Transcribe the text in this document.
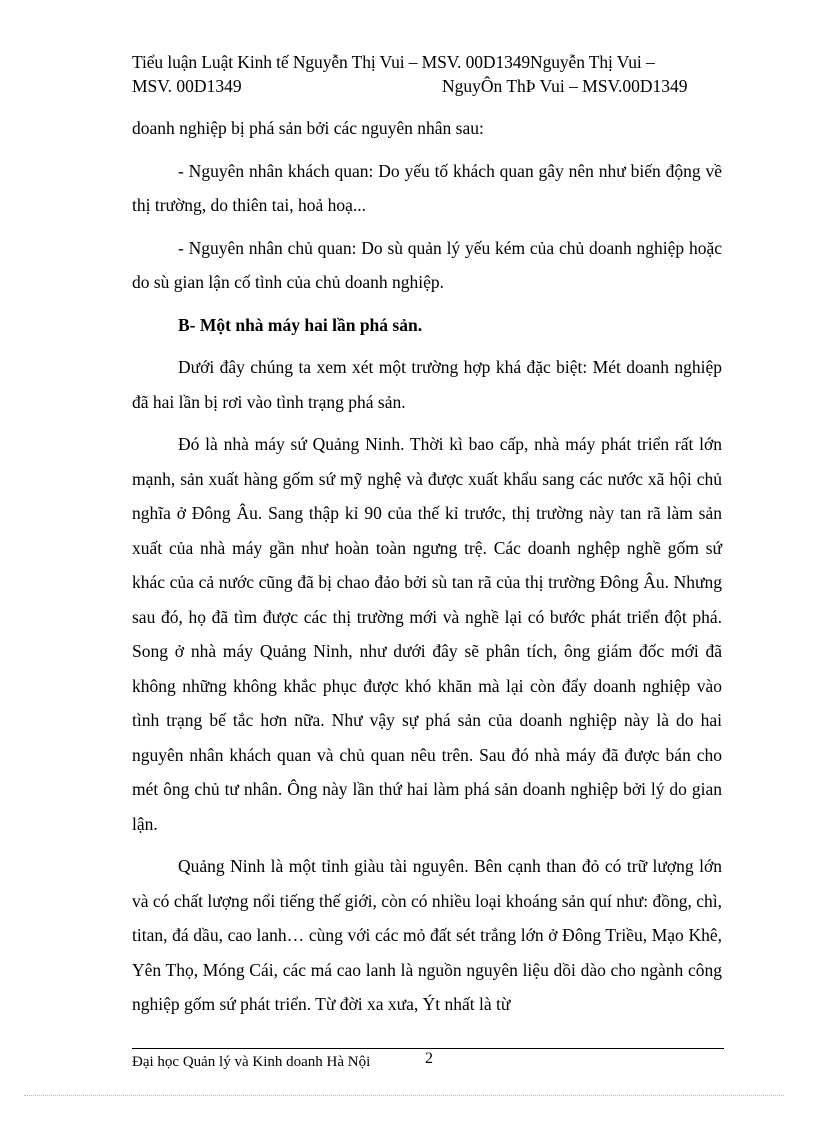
Tiểu luận Luật Kinh tế Nguyễn Thị Vui – MSV. 00D1349Nguyễn Thị Vui –
MSV. 00D1349	NguyÔn ThÞ Vui – MSV.00D1349

doanh nghiệp bị phá sản bởi các nguyên nhân sau:

- Nguyên nhân khách quan: Do yếu tố khách quan gây nên như biến động về thị trường, do thiên tai, hoả hoạ...

- Nguyên nhân chủ quan: Do sù quản lý yếu kém của chủ doanh nghiệp hoặc do sù gian lận cố tình của chủ doanh nghiệp.

B- Một nhà máy hai lần phá sản.

Dưới đây chúng ta xem xét một trường hợp khá đặc biệt: Mét doanh nghiệp đã hai lần bị rơi vào tình trạng phá sản.

Đó là nhà máy sứ Quảng Ninh. Thời kì bao cấp, nhà máy phát triển rất lớn mạnh, sản xuất hàng gốm sứ mỹ nghệ và được xuất khẩu sang các nước xã hội chủ nghĩa ở Đông Âu. Sang thập kỉ 90 của thế kỉ trước, thị trường này tan rã làm sản xuất của nhà máy gần như hoàn toàn ngưng trệ. Các doanh nghệp nghề gốm sứ khác của cả nước cũng đã bị chao đảo bởi sù tan rã của thị trường Đông Âu. Nhưng sau đó, họ đã tìm được các thị trường mới và nghề lại có bước phát triển đột phá. Song ở nhà máy Quảng Ninh, như dưới đây sẽ phân tích, ông giám đốc mới đã không những không khắc phục được khó khăn mà lại còn đẩy doanh nghiệp vào tình trạng bế tắc hơn nữa. Như vậy sự phá sản của doanh nghiệp này là do hai nguyên nhân khách quan và chủ quan nêu trên. Sau đó nhà máy đã được bán cho mét ông chủ tư nhân. Ông này lần thứ hai làm phá sản doanh nghiệp bởi lý do gian lận.

Quảng Ninh là một tỉnh giàu tài nguyên. Bên cạnh than đỏ có trữ lượng lớn và có chất lượng nổi tiếng thế giới, còn có nhiều loại khoáng sản quí như: đồng, chì, titan, đá dầu, cao lanh… cùng với các mỏ đất sét trắng lớn ở Đông Triều, Mạo Khê, Yên Thọ, Móng Cái, các má cao lanh là nguồn nguyên liệu dồi dào cho ngành công nghiệp gốm sứ phát triển. Từ đời xa xưa, Ýt nhất là từ

Đại học Quản lý và Kinh doanh Hà Nội	2
